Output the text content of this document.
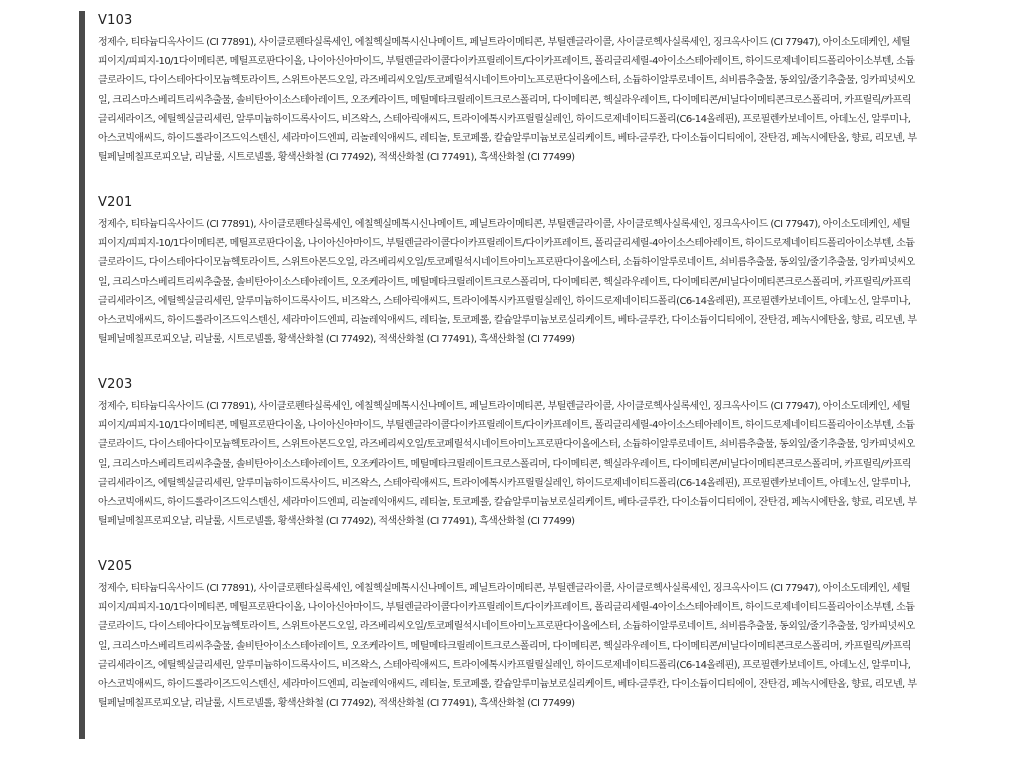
V103
정제수, 티타늄디옥사이드 (CI 77891), 사이클로펜타실록세인, 에칠헥실메톡시신나메이트, 페닐트라이메티콘, 부틸렌글라이콜, 사이클로헥사실록세인, 징크옥사이드 (CI 77947), 아이소도데케인, 세틸피이지/피피지-10/1다이메티콘, 메틸프로판다이올, 나이아신아마이드, 부틸렌글라이콜다이카프릴레이트/다이카프레이트, 폴리글리세릴-4아이소스테아레이트, 하이드로제네이티드폴리아이소부텐, 소듐클로라이드, 다이스테아다이모늄헥토라이트, 스위트아몬드오일, 라즈베리씨오일/토코페릴석시네이트아미노프로판다이올에스터, 소듐하이알루로네이트, 쇠비름추출물, 동외잎/줄기추출물, 잉카피넛씨오일, 크리스마스베리트리씨추출물, 솔비탄아이소스테아레이트, 오조케라이트, 메틸메타크릴레이트크로스폴리머, 다이메티콘, 헥실라우레이트, 다이메티콘/비닐다이메티콘크로스폴리머, 카프릴릭/카프릭글리세라이즈, 에틸헥실글리세린, 알루미늄하이드록사이드, 비즈왁스, 스테아릭애씨드, 트라이에톡시카프릴릴실레인, 하이드로제네이티드폴리(C6-14올레핀), 프로필렌카보네이트, 아데노신, 알루미나, 아스코빅애씨드, 하이드롤라이즈드익스텐신, 세라마이드엔피, 리놀레익애씨드, 레티놀, 토코페롤, 칼슘알루미늄보로실리케이트, 베타-글루칸, 다이소듐이디티에이, 잔탄검, 페녹시에탄올, 향료, 리모넨, 부틸페닐메칠프로피오날, 리날룰, 시트로넬롤, 황색산화철 (CI 77492), 적색산화철 (CI 77491), 흑색산화철 (CI 77499)
V201
정제수, 티타늄디옥사이드 (CI 77891), 사이클로펜타실록세인, 에칠헥실메톡시신나메이트, 페닐트라이메티콘, 부틸렌글라이콜, 사이클로헥사실록세인, 징크옥사이드 (CI 77947), 아이소도데케인, 세틸피이지/피피지-10/1다이메티콘, 메틸프로판다이올, 나이아신아마이드, 부틸렌글라이콜다이카프릴레이트/다이카프레이트, 폴리글리세릴-4아이소스테아레이트, 하이드로제네이티드폴리아이소부텐, 소듐클로라이드, 다이스테아다이모늄헥토라이트, 스위트아몬드오일, 라즈베리씨오일/토코페릴석시네이트아미노프로판다이올에스터, 소듐하이알루로네이트, 쇠비름추출물, 동외잎/줄기추출물, 잉카피넛씨오일, 크리스마스베리트리씨추출물, 솔비탄아이소스테아레이트, 오조케라이트, 메틸메타크릴레이트크로스폴리머, 다이메티콘, 헥실라우레이트, 다이메티콘/비닐다이메티콘크로스폴리머, 카프릴릭/카프릭글리세라이즈, 에틸헥실글리세린, 알루미늄하이드록사이드, 비즈왁스, 스테아릭애씨드, 트라이에톡시카프릴릴실레인, 하이드로제네이티드폴리(C6-14올레핀), 프로필렌카보네이트, 아데노신, 알루미나, 아스코빅애씨드, 하이드롤라이즈드익스텐신, 세라마이드엔피, 리놀레익애씨드, 레티놀, 토코페롤, 칼슘알루미늄보로실리케이트, 베타-글루칸, 다이소듐이디티에이, 잔탄검, 페녹시에탄올, 향료, 리모넨, 부틸페닐메칠프로피오날, 리날룰, 시트로넬롤, 황색산화철 (CI 77492), 적색산화철 (CI 77491), 흑색산화철 (CI 77499)
V203
정제수, 티타늄디옥사이드 (CI 77891), 사이클로펜타실록세인, 에칠헥실메톡시신나메이트, 페닐트라이메티콘, 부틸렌글라이콜, 사이클로헥사실록세인, 징크옥사이드 (CI 77947), 아이소도데케인, 세틸피이지/피피지-10/1다이메티콘, 메틸프로판다이올, 나이아신아마이드, 부틸렌글라이콜다이카프릴레이트/다이카프레이트, 폴리글리세릴-4아이소스테아레이트, 하이드로제네이티드폴리아이소부텐, 소듐클로라이드, 다이스테아다이모늄헥토라이트, 스위트아몬드오일, 라즈베리씨오일/토코페릴석시네이트아미노프로판다이올에스터, 소듐하이알루로네이트, 쇠비름추출물, 동외잎/줄기추출물, 잉카피넛씨오일, 크리스마스베리트리씨추출물, 솔비탄아이소스테아레이트, 오조케라이트, 메틸메타크릴레이트크로스폴리머, 다이메티콘, 헥실라우레이트, 다이메티콘/비닐다이메티콘크로스폴리머, 카프릴릭/카프릭글리세라이즈, 에틸헥실글리세린, 알루미늄하이드록사이드, 비즈왁스, 스테아릭애씨드, 트라이에톡시카프릴릴실레인, 하이드로제네이티드폴리(C6-14올레핀), 프로필렌카보네이트, 아데노신, 알루미나, 아스코빅애씨드, 하이드롤라이즈드익스텐신, 세라마이드엔피, 리놀레익애씨드, 레티놀, 토코페롤, 칼슘알루미늄보로실리케이트, 베타-글루칸, 다이소듐이디티에이, 잔탄검, 페녹시에탄올, 향료, 리모넨, 부틸페닐메칠프로피오날, 리날룰, 시트로넬롤, 황색산화철 (CI 77492), 적색산화철 (CI 77491), 흑색산화철 (CI 77499)
V205
정제수, 티타늄디옥사이드 (CI 77891), 사이클로펜타실록세인, 에칠헥실메톡시신나메이트, 페닐트라이메티콘, 부틸렌글라이콜, 사이클로헥사실록세인, 징크옥사이드 (CI 77947), 아이소도데케인, 세틸피이지/피피지-10/1다이메티콘, 메틸프로판다이올, 나이아신아마이드, 부틸렌글라이콜다이카프릴레이트/다이카프레이트, 폴리글리세릴-4아이소스테아레이트, 하이드로제네이티드폴리아이소부텐, 소듐클로라이드, 다이스테아다이모늄헥토라이트, 스위트아몬드오일, 라즈베리씨오일/토코페릴석시네이트아미노프로판다이올에스터, 소듐하이알루로네이트, 쇠비름추출물, 동외잎/줄기추출물, 잉카피넛씨오일, 크리스마스베리트리씨추출물, 솔비탄아이소스테아레이트, 오조케라이트, 메틸메타크릴레이트크로스폴리머, 다이메티콘, 헥실라우레이트, 다이메티콘/비닐다이메티콘크로스폴리머, 카프릴릭/카프릭글리세라이즈, 에틸헥실글리세린, 알루미늄하이드록사이드, 비즈왁스, 스테아릭애씨드, 트라이에톡시카프릴릴실레인, 하이드로제네이티드폴리(C6-14올레핀), 프로필렌카보네이트, 아데노신, 알루미나, 아스코빅애씨드, 하이드롤라이즈드익스텐신, 세라마이드엔피, 리놀레익애씨드, 레티놀, 토코페롤, 칼슘알루미늄보로실리케이트, 베타-글루칸, 다이소듐이디티에이, 잔탄검, 페녹시에탄올, 향료, 리모넨, 부틸페닐메칠프로피오날, 리날룰, 시트로넬롤, 황색산화철 (CI 77492), 적색산화철 (CI 77491), 흑색산화철 (CI 77499)
